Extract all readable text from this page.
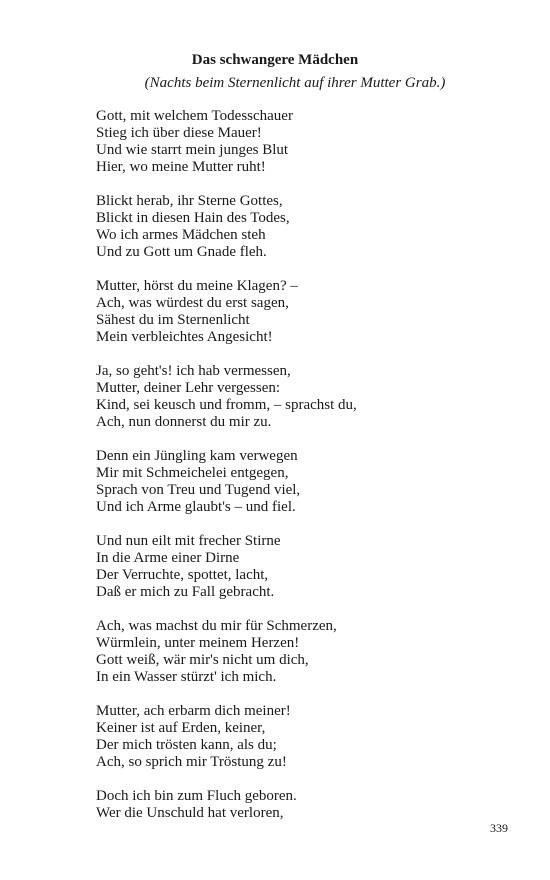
Das schwangere Mädchen
(Nachts beim Sternenlicht auf ihrer Mutter Grab.)
Gott, mit welchem Todesschauer
Stieg ich über diese Mauer!
Und wie starrt mein junges Blut
Hier, wo meine Mutter ruht!
Blickt herab, ihr Sterne Gottes,
Blickt in diesen Hain des Todes,
Wo ich armes Mädchen steh
Und zu Gott um Gnade fleh.
Mutter, hörst du meine Klagen? –
Ach, was würdest du erst sagen,
Sähest du im Sternenlicht
Mein verbleichtes Angesicht!
Ja, so geht's! ich hab vermessen,
Mutter, deiner Lehr vergessen:
Kind, sei keusch und fromm, – sprachst du,
Ach, nun donnerst du mir zu.
Denn ein Jüngling kam verwegen
Mir mit Schmeichelei entgegen,
Sprach von Treu und Tugend viel,
Und ich Arme glaubt's – und fiel.
Und nun eilt mit frecher Stirne
In die Arme einer Dirne
Der Verruchte, spottet, lacht,
Daß er mich zu Fall gebracht.
Ach, was machst du mir für Schmerzen,
Würmlein, unter meinem Herzen!
Gott weiß, wär mir's nicht um dich,
In ein Wasser stürzt' ich mich.
Mutter, ach erbarm dich meiner!
Keiner ist auf Erden, keiner,
Der mich trösten kann, als du;
Ach, so sprich mir Tröstung zu!
Doch ich bin zum Fluch geboren.
Wer die Unschuld hat verloren,
339
